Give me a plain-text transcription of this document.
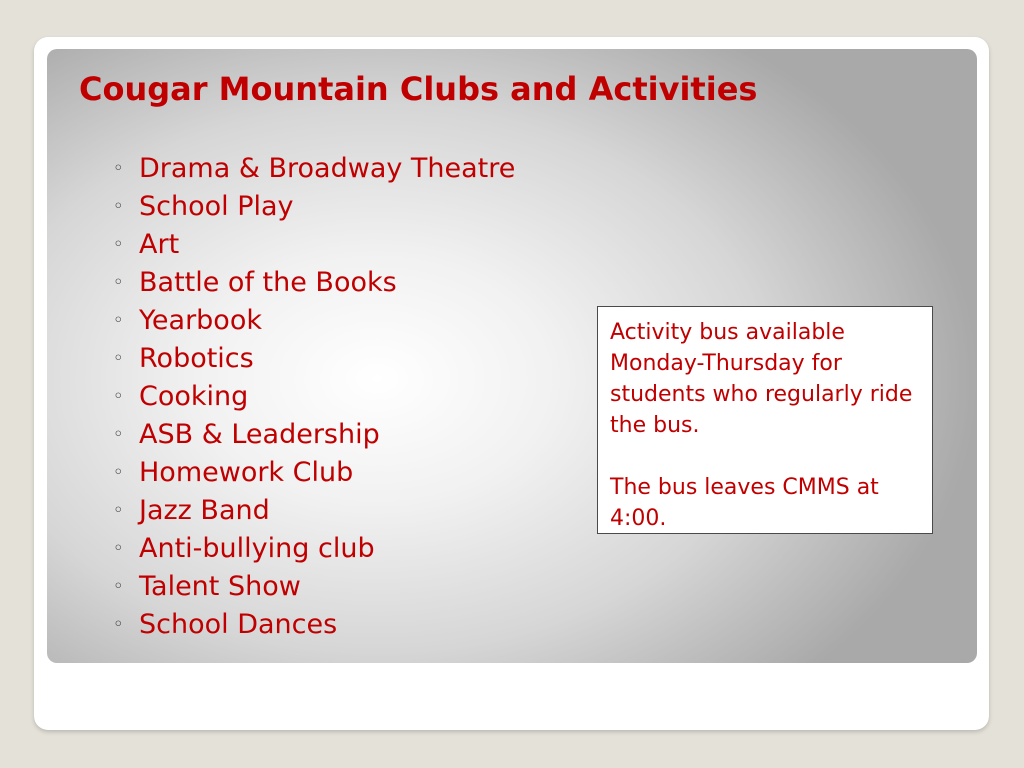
Cougar Mountain Clubs and Activities
◦ Drama & Broadway Theatre
◦ School Play
◦ Art
◦ Battle of the Books
◦ Yearbook
◦ Robotics
◦ Cooking
◦ ASB & Leadership
◦ Homework Club
◦ Jazz Band
◦ Anti-bullying club
◦ Talent Show
◦ School Dances

Activity bus available Monday-Thursday for students who regularly ride the bus.

The bus leaves CMMS at 4:00.
